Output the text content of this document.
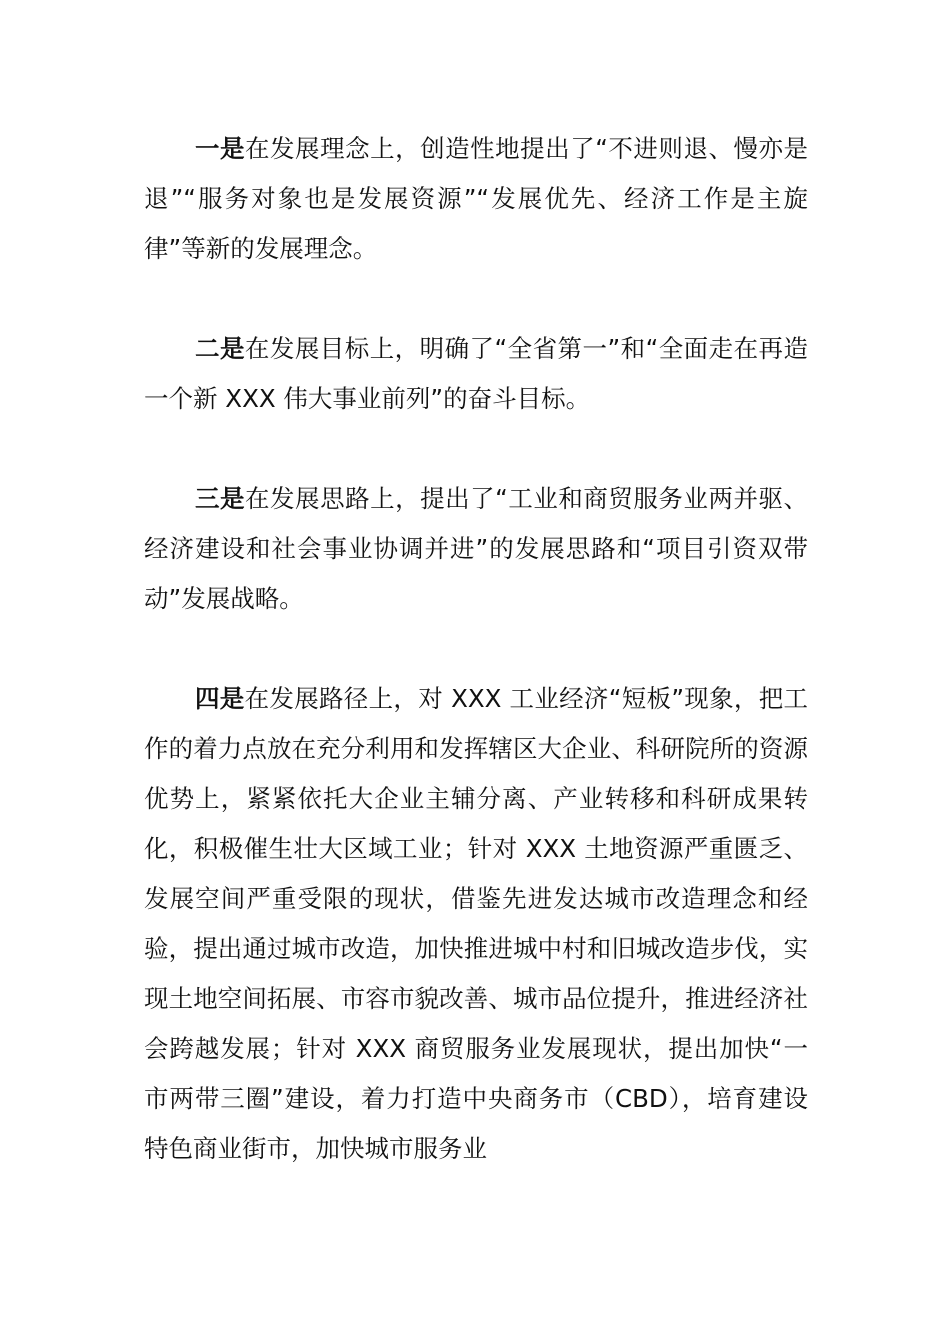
一是在发展理念上，创造性地提出了“不进则退、慢亦是退”“服务对象也是发展资源”“发展优先、经济工作是主旋律”等新的发展理念。

二是在发展目标上，明确了“全省第一”和“全面走在再造一个新 XXX 伟大事业前列”的奋斗目标。

三是在发展思路上，提出了“工业和商贸服务业两并驱、经济建设和社会事业协调并进”的发展思路和“项目引资双带动”发展战略。

四是在发展路径上，对 XXX 工业经济“短板”现象，把工作的着力点放在充分利用和发挥辖区大企业、科研院所的资源优势上，紧紧依托大企业主辅分离、产业转移和科研成果转化，积极催生壮大区域工业；针对 XXX 土地资源严重匮乏、发展空间严重受限的现状，借鉴先进发达城市改造理念和经验，提出通过城市改造，加快推进城中村和旧城改造步伐，实现土地空间拓展、市容市貌改善、城市品位提升，推进经济社会跨越发展；针对 XXX 商贸服务业发展现状，提出加快“一市两带三圈”建设，着力打造中央商务市（CBD），培育建设特色商业街市，加快城市服务业
